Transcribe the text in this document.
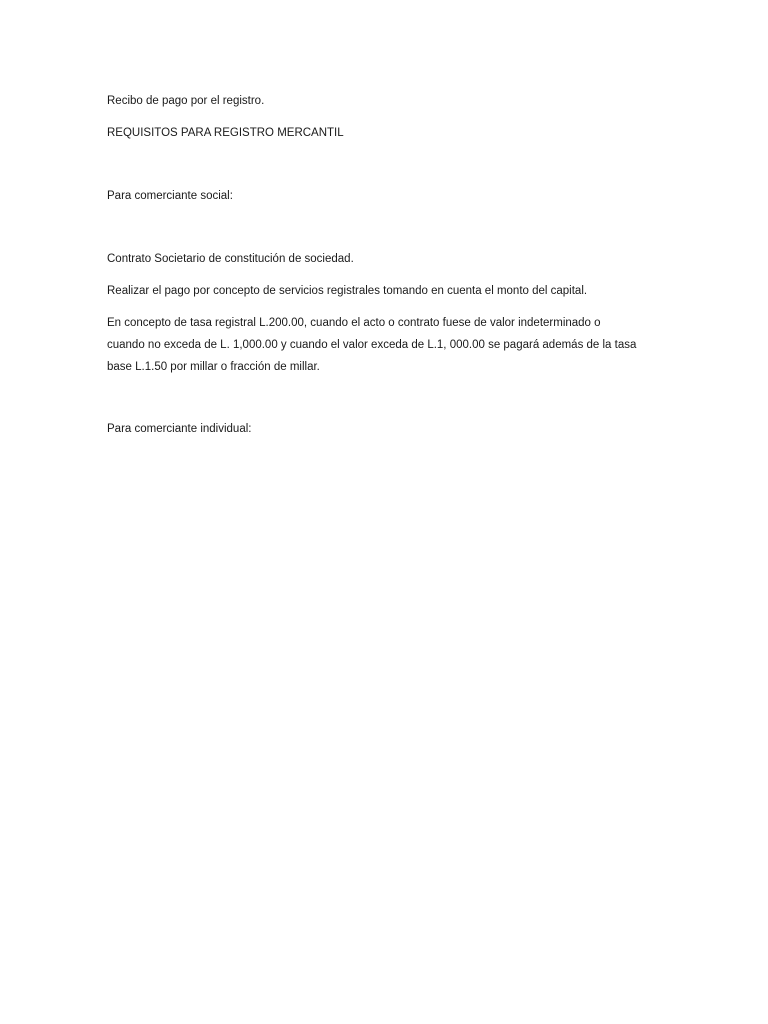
Recibo de pago por el registro.
REQUISITOS PARA REGISTRO MERCANTIL
Para comerciante social:
Contrato Societario de constitución de sociedad.
Realizar el pago por concepto de servicios registrales tomando en cuenta el monto del capital.
En concepto de tasa registral L.200.00, cuando el acto o contrato fuese de valor indeterminado o
cuando no exceda de L. 1,000.00 y cuando el valor exceda de L.1, 000.00 se pagará además de la tasa
base L.1.50 por millar o fracción de millar.
Para comerciante individual:
